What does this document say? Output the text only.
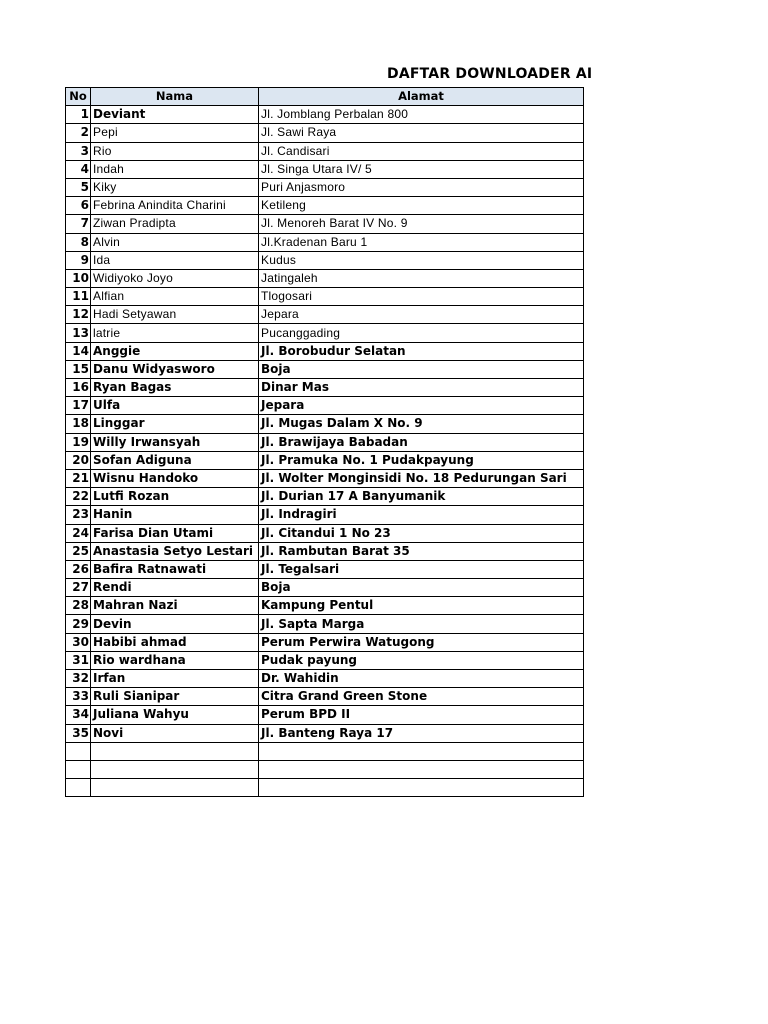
DAFTAR DOWNLOADER AI
No	Nama	Alamat
1	Deviant	Jl. Jomblang Perbalan 800
2	Pepi	Jl. Sawi Raya
3	Rio	Jl. Candisari
4	Indah	Jl. Singa Utara IV/ 5
5	Kiky	Puri Anjasmoro
6	Febrina Anindita Charini	Ketileng
7	Ziwan Pradipta	Jl. Menoreh Barat IV No. 9
8	Alvin	Jl.Kradenan Baru 1
9	Ida	Kudus
10	Widiyoko Joyo	Jatingaleh
11	Alfian	Tlogosari
12	Hadi Setyawan	Jepara
13	latrie	Pucanggading
14	Anggie	Jl. Borobudur Selatan
15	Danu Widyasworo	Boja
16	Ryan Bagas	Dinar Mas
17	Ulfa	Jepara
18	Linggar	Jl. Mugas Dalam X No. 9
19	Willy Irwansyah	Jl. Brawijaya Babadan
20	Sofan Adiguna	Jl. Pramuka No. 1 Pudakpayung
21	Wisnu Handoko	Jl. Wolter Monginsidi No. 18 Pedurungan Sari
22	Lutfi Rozan	Jl. Durian 17 A Banyumanik
23	Hanin	Jl. Indragiri
24	Farisa Dian Utami	Jl. Citandui 1 No 23
25	Anastasia Setyo Lestari	Jl. Rambutan Barat 35
26	Bafira Ratnawati	Jl. Tegalsari
27	Rendi	Boja
28	Mahran Nazi	Kampung Pentul
29	Devin	Jl. Sapta Marga
30	Habibi ahmad	Perum Perwira Watugong
31	Rio wardhana	Pudak payung
32	Irfan	Dr. Wahidin
33	Ruli Sianipar	Citra Grand Green Stone
34	Juliana Wahyu	Perum BPD II
35	Novi	Jl. Banteng Raya 17
